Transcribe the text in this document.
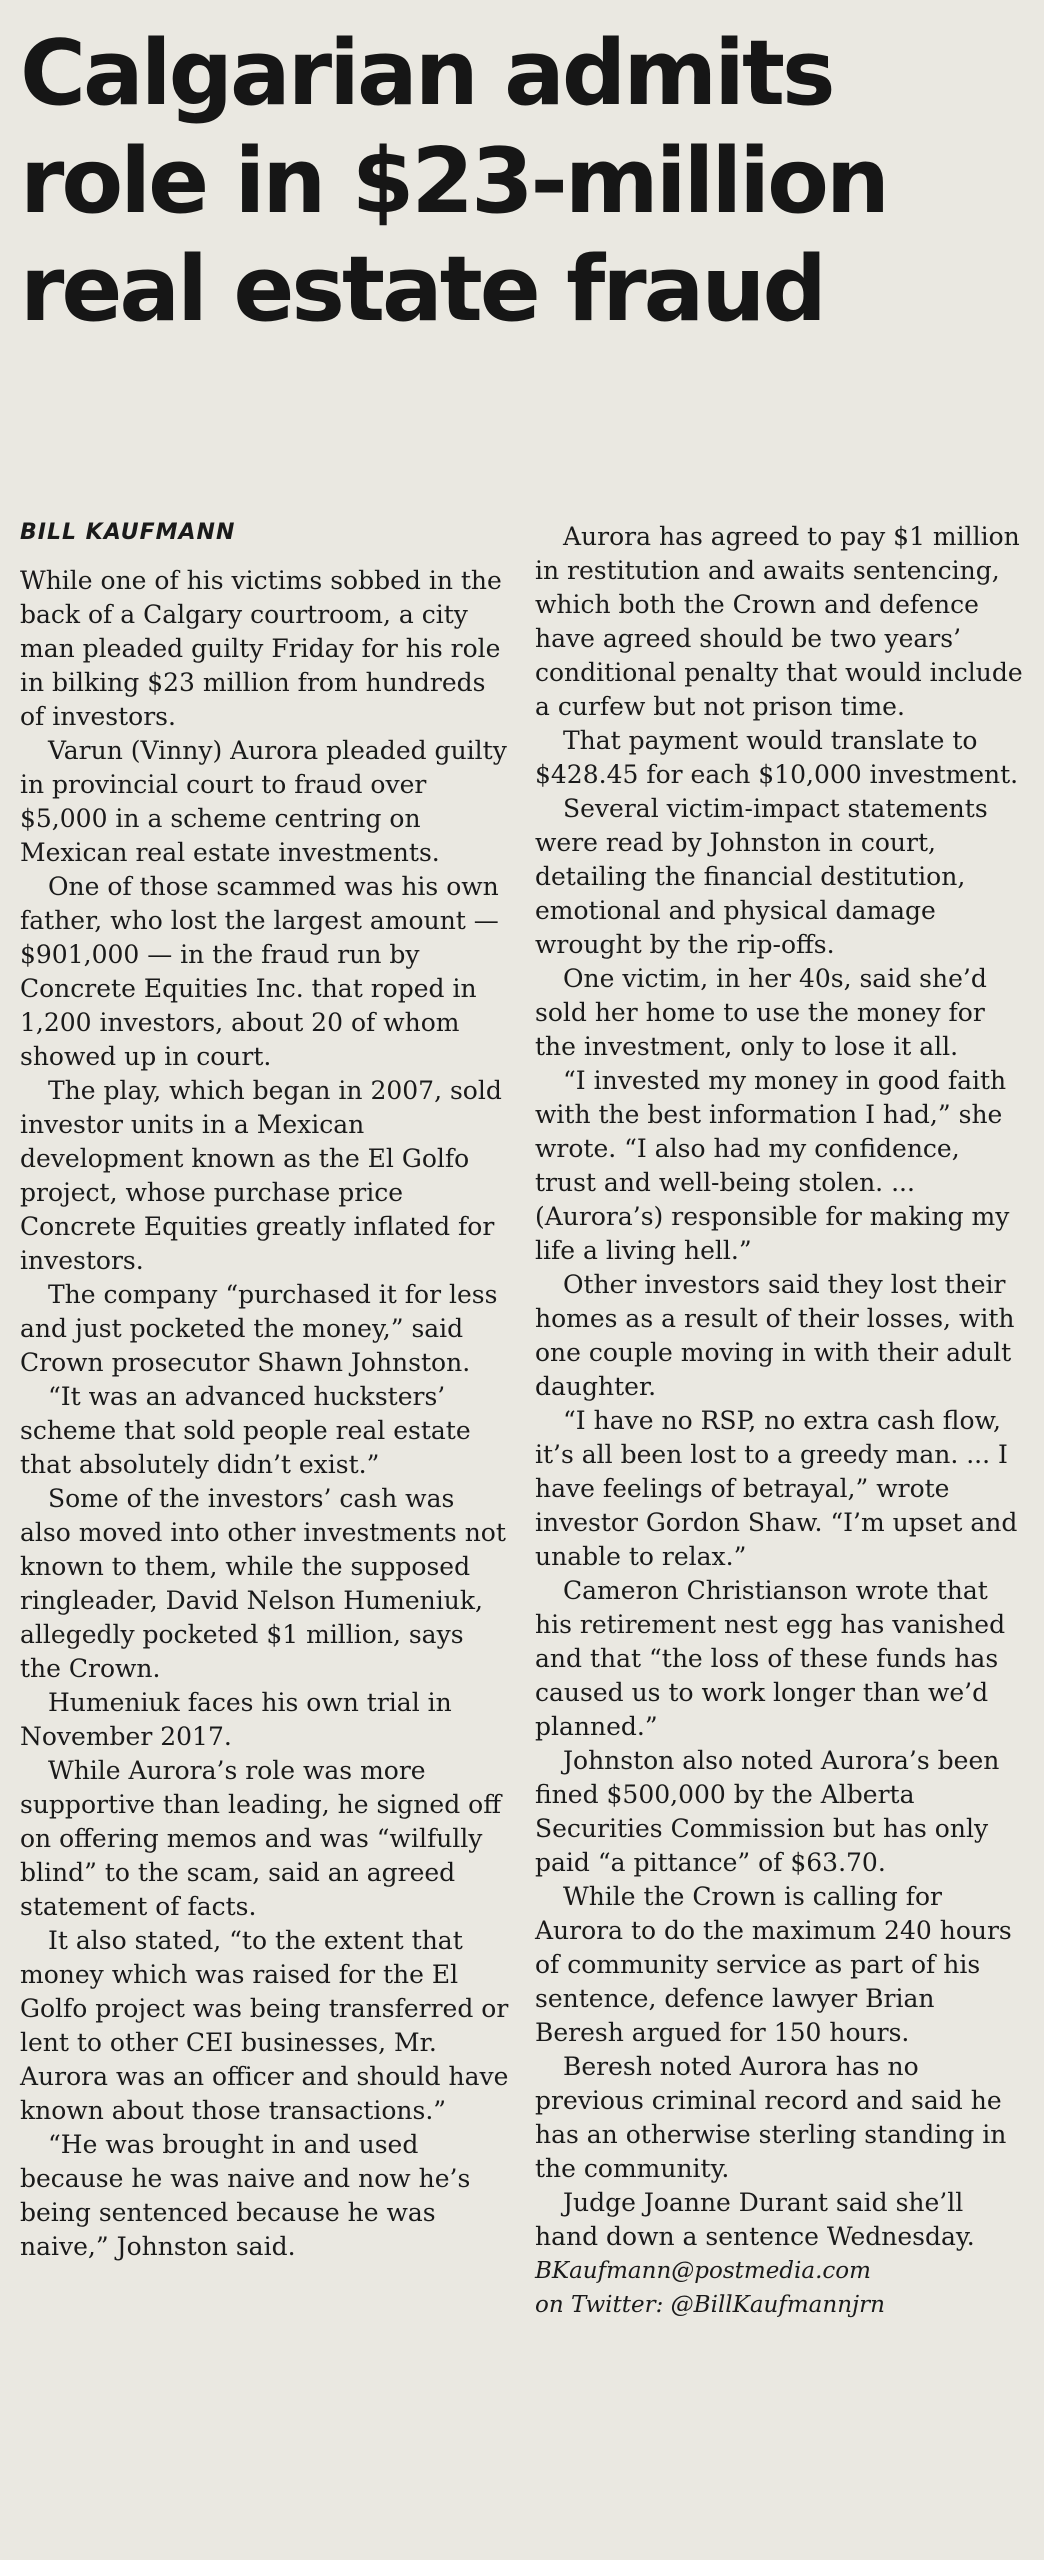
Calgarian admits
role in $23-million
real estate fraud
BILL KAUFMANN

While one of his victims sobbed in the back of a Calgary courtroom, a city man pleaded guilty Friday for his role in bilking $23 million from hundreds of investors.

Varun (Vinny) Aurora pleaded guilty in provincial court to fraud over $5,000 in a scheme centring on Mexican real estate investments.

One of those scammed was his own father, who lost the largest amount — $901,000 — in the fraud run by Concrete Equities Inc. that roped in 1,200 investors, about 20 of whom showed up in court.

The play, which began in 2007, sold investor units in a Mexican development known as the El Golfo project, whose purchase price Concrete Equities greatly inflated for investors.

The company “purchased it for less and just pocketed the money,” said Crown prosecutor Shawn Johnston.

“It was an advanced hucksters’ scheme that sold people real estate that absolutely didn’t exist.”

Some of the investors’ cash was also moved into other investments not known to them, while the supposed ringleader, David Nelson Humeniuk, allegedly pocketed $1 million, says the Crown.

Humeniuk faces his own trial in November 2017.

While Aurora’s role was more supportive than leading, he signed off on offering memos and was “wilfully blind” to the scam, said an agreed statement of facts.

It also stated, “to the extent that money which was raised for the El Golfo project was being transferred or lent to other CEI businesses, Mr. Aurora was an officer and should have known about those transactions.”

“He was brought in and used because he was naive and now he’s being sentenced because he was naive,” Johnston said.

Aurora has agreed to pay $1 million in restitution and awaits sentencing, which both the Crown and defence have agreed should be two years’ conditional penalty that would include a curfew but not prison time.

That payment would translate to $428.45 for each $10,000 investment.

Several victim-impact statements were read by Johnston in court, detailing the financial destitution, emotional and physical damage wrought by the rip-offs.

One victim, in her 40s, said she’d sold her home to use the money for the investment, only to lose it all.

“I invested my money in good faith with the best information I had,” she wrote. “I also had my confidence, trust and well-being stolen. ... (Aurora’s) responsible for making my life a living hell.”

Other investors said they lost their homes as a result of their losses, with one couple moving in with their adult daughter.

“I have no RSP, no extra cash flow, it’s all been lost to a greedy man. ... I have feelings of betrayal,” wrote investor Gordon Shaw. “I’m upset and unable to relax.”

Cameron Christianson wrote that his retirement nest egg has vanished and that “the loss of these funds has caused us to work longer than we’d planned.”

Johnston also noted Aurora’s been fined $500,000 by the Alberta Securities Commission but has only paid “a pittance” of $63.70.

While the Crown is calling for Aurora to do the maximum 240 hours of community service as part of his sentence, defence lawyer Brian Beresh argued for 150 hours.

Beresh noted Aurora has no previous criminal record and said he has an otherwise sterling standing in the community.

Judge Joanne Durant said she’ll hand down a sentence Wednesday.

BKaufmann@postmedia.com
on Twitter: @BillKaufmannjrn
